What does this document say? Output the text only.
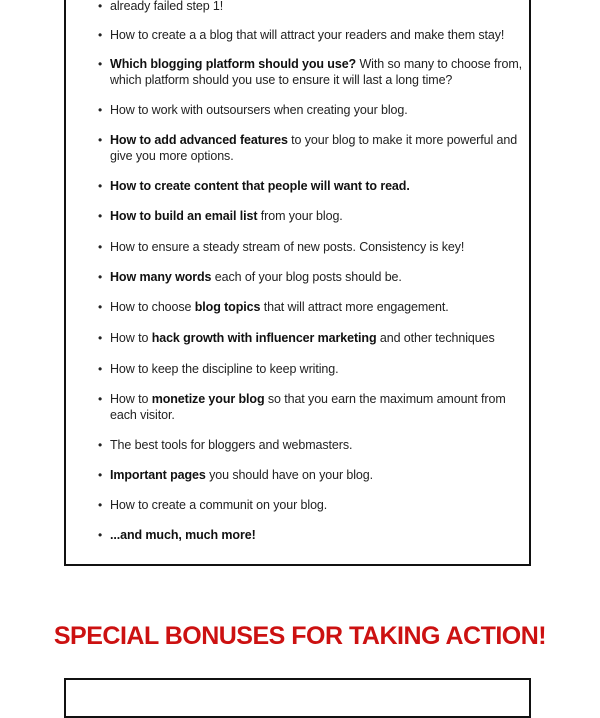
• already failed step 1!
• How to create a a blog that will attract your readers and make them stay!
• Which blogging platform should you use? With so many to choose from, which platform should you use to ensure it will last a long time?
• How to work with outsoursers when creating your blog.
• How to add advanced features to your blog to make it more powerful and give you more options.
• How to create content that people will want to read.
• How to build an email list from your blog.
• How to ensure a steady stream of new posts. Consistency is key!
• How many words each of your blog posts should be.
• How to choose blog topics that will attract more engagement.
• How to hack growth with influencer marketing and other techniques
• How to keep the discipline to keep writing.
• How to monetize your blog so that you earn the maximum amount from each visitor.
• The best tools for bloggers and webmasters.
• Important pages you should have on your blog.
• How to create a communit on your blog.
• ...and much, much more!
SPECIAL BONUSES FOR TAKING ACTION!
